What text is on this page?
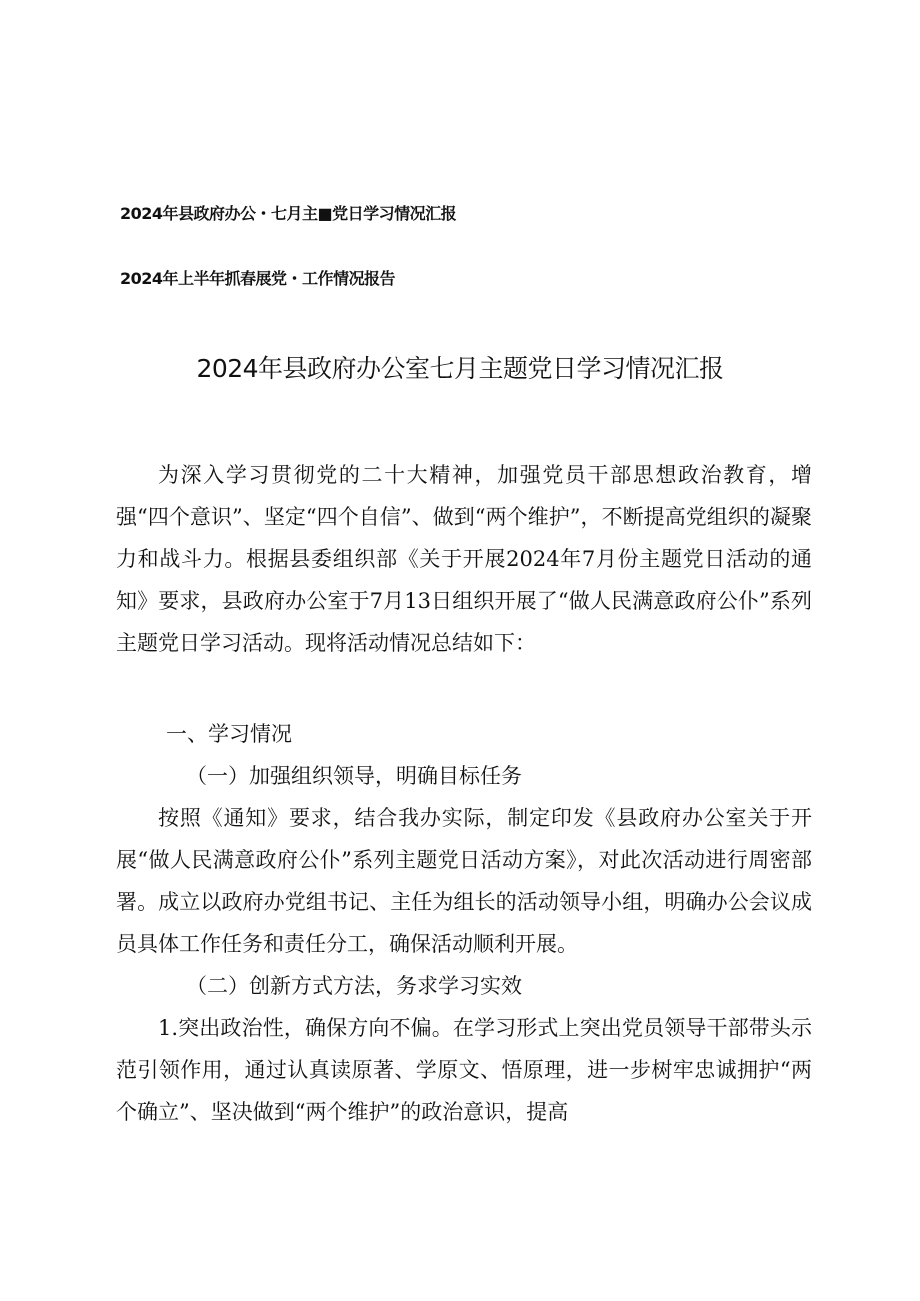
2024年县政府办公・七月主■党日学习情况汇报
2024年上半年抓春展党・工作情况报告
2024年县政府办公室七月主题党日学习情况汇报

为深入学习贯彻党的二十大精神，加强党员干部思想政治教育，增强“四个意识”、坚定“四个自信”、做到“两个维护”，不断提高党组织的凝聚力和战斗力。根据县委组织部《关于开展2024年7月份主题党日活动的通知》要求，县政府办公室于7月13日组织开展了“做人民满意政府公仆”系列主题党日学习活动。现将活动情况总结如下：

一、学习情况

（一）加强组织领导，明确目标任务

按照《通知》要求，结合我办实际，制定印发《县政府办公室关于开展“做人民满意政府公仆”系列主题党日活动方案》，对此次活动进行周密部署。成立以政府办党组书记、主任为组长的活动领导小组，明确办公会议成员具体工作任务和责任分工，确保活动顺利开展。

（二）创新方式方法，务求学习实效

1.突出政治性，确保方向不偏。在学习形式上突出党员领导干部带头示范引领作用，通过认真读原著、学原文、悟原理，进一步树牢忠诚拥护“两个确立”、坚决做到“两个维护”的政治意识，提高
